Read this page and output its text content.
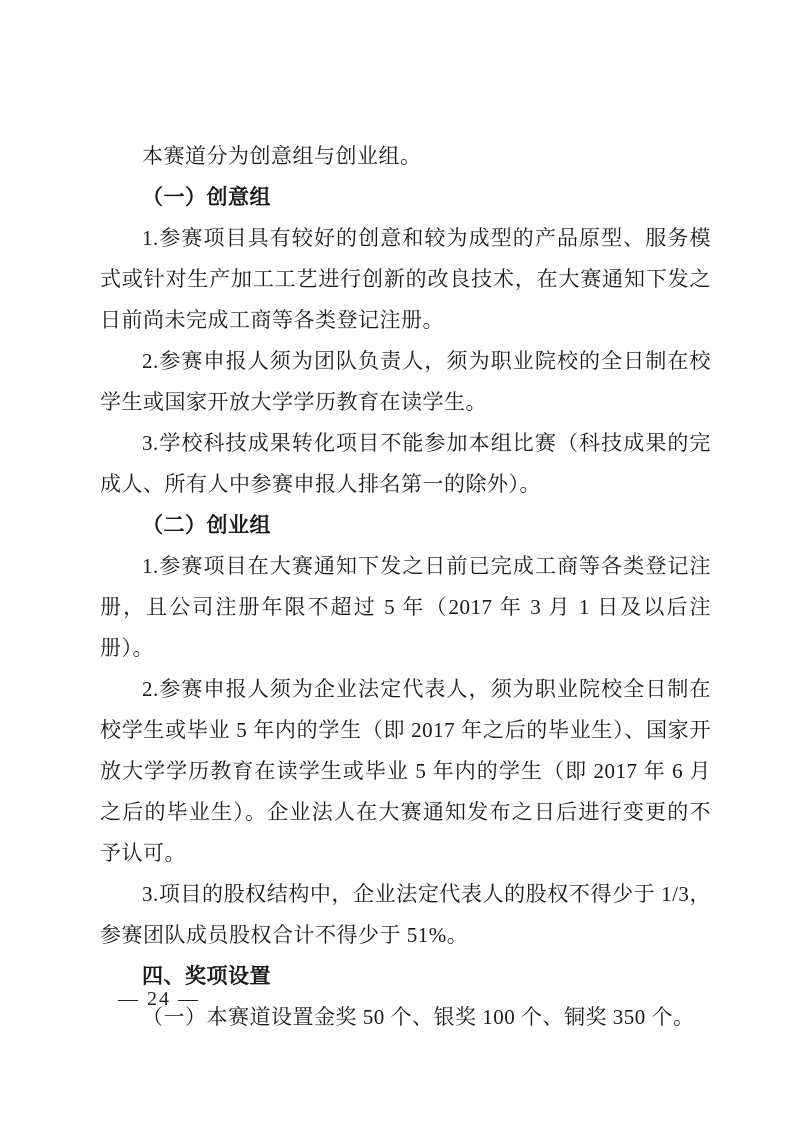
本赛道分为创意组与创业组。

（一）创意组

1.参赛项目具有较好的创意和较为成型的产品原型、服务模式或针对生产加工工艺进行创新的改良技术，在大赛通知下发之日前尚未完成工商等各类登记注册。

2.参赛申报人须为团队负责人，须为职业院校的全日制在校学生或国家开放大学学历教育在读学生。

3.学校科技成果转化项目不能参加本组比赛（科技成果的完成人、所有人中参赛申报人排名第一的除外）。

（二）创业组

1.参赛项目在大赛通知下发之日前已完成工商等各类登记注册，且公司注册年限不超过 5 年（2017 年 3 月 1 日及以后注册）。

2.参赛申报人须为企业法定代表人，须为职业院校全日制在校学生或毕业 5 年内的学生（即 2017 年之后的毕业生）、国家开放大学学历教育在读学生或毕业 5 年内的学生（即 2017 年 6 月之后的毕业生）。企业法人在大赛通知发布之日后进行变更的不予认可。

3.项目的股权结构中，企业法定代表人的股权不得少于 1/3，参赛团队成员股权合计不得少于 51%。

四、奖项设置

（一）本赛道设置金奖 50 个、银奖 100 个、铜奖 350 个。

— 24 —
